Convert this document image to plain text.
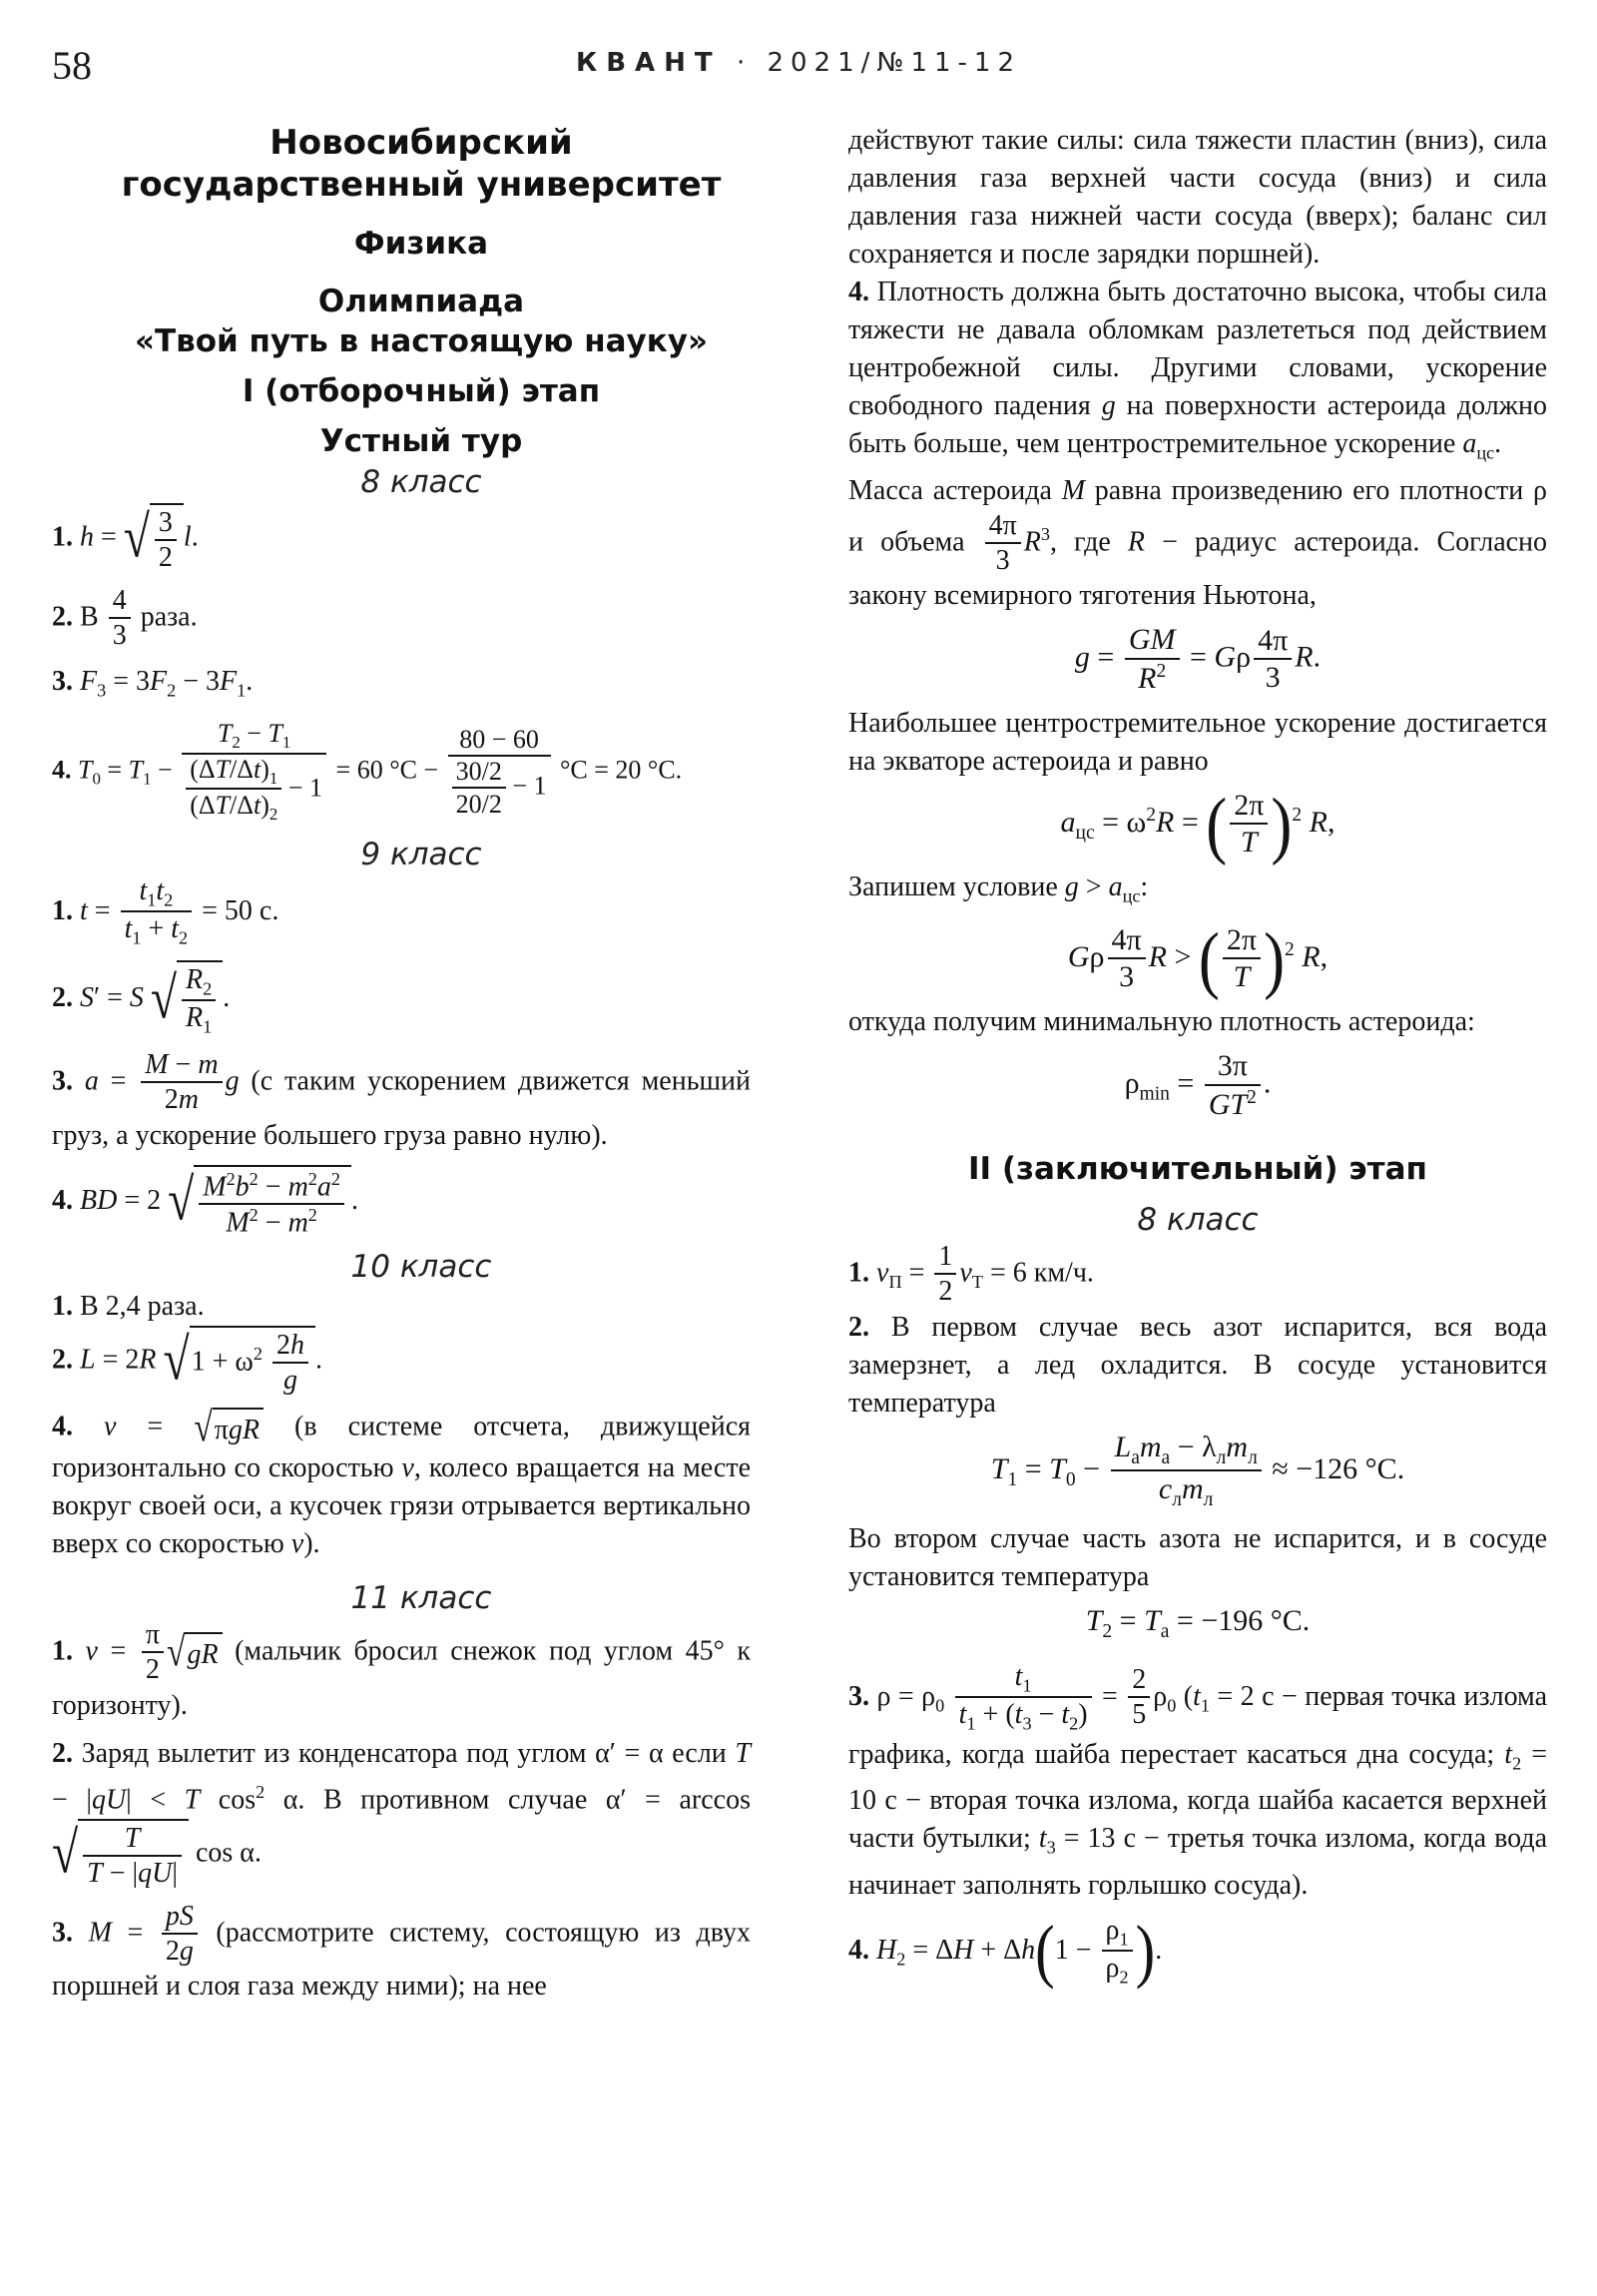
58	КВАНТ · 2021/№11-12
Новосибирский
государственный университет
Физика
Олимпиада
«Твой путь в настоящую науку»
I (отборочный) этап
Устный тур
8 класс
1. h = √ $\frac{3}{2} l$.
2. В $\frac{4}{3}$ раза.
3. $F_3 = 3F_2 - 3F_1$.
4. $T_0 = T_1 - \frac{T_2 - T_1}{\frac{(\Delta T/\Delta t)_1}{(\Delta T/\Delta t)_2} - 1} = 60$ $^\circ C - \frac{80 - 60}{\frac{30/2}{20/2} - 1} ^\circ C = 20$ °C.
9 класс
1. $t = \frac{t_1t_2}{t_1 + t_2} = 50$ с.
2. S′ = S √ $\frac{R_2}{R_1}$ .
3. $a = \frac{M - m}{2m}$ g (с таким ускорением движется меньший груз, а ускорение большего груза равно нулю).
4. BD = 2 √ $\frac{M^2b^2 - m^2a^2}{M^2 - m^2}$ .
10 класс
1. В 2,4 раза.
2. L = 2R $√1 + \omega^2 \frac{2h}{g}$ .
4. v = √πgR (в системе отсчета, движущейся горизонтально со скоростью v, колесо вращается на месте вокруг своей оси, а кусочек грязи отрывается вертикально вверх со скоростью v).
11 класс
1. $v = \frac{\pi}{2} √gR$ (мальчик бросил снежок под углом 45° к горизонту).
2. Заряд вылетит из конденсатора под углом α′ = α если T − |qU| < T $\cos^2 \alpha$. В противном случае α′ = arccos √ $\frac{T}{T - |qU|}$ cos α.
3. $M = \frac{pS}{2g}$ (рассмотрите систему, состоящую из двух поршней и слоя газа между ними); на нее

действуют такие силы: сила тяжести пластин (вниз), сила давления газа верхней части сосуда (вниз) и сила давления газа нижней части сосуда (вверх); баланс сил сохраняется и после зарядки поршней).

4. Плотность должна быть достаточно высока, чтобы сила тяжести не давала обломкам разлететься под действием центробежной силы. Другими словами, ускорение свободного падения g на поверхности астероида должно быть больше, чем центростремительное ускорение $a_{цс}$.
Масса астероида M равна произведению его плотности ρ и объема $\frac{4\pi}{3} R^3$, где R − радиус астероида. Согласно закону всемирного тяготения Ньютона,
$g = \frac{GM}{R^2} = G\rho \frac{4\pi}{3} R$.

Наибольшее центростремительное ускорение достигается на экваторе астероида и равно

$a_{цс} = \omega^2R$ = ( $\frac{2\pi}{T} )^2$ R,
Запишем условие $g > a_{цс}$:
Gρ $\frac{4\pi}{3}$ R > ( $\frac{2\pi}{T} )^2$ R,

откуда получим минимальную плотность астероида:

$\rho_{min} = \frac{3\pi}{GT^2}$ .
II (заключительный) этап
8 класс
1. $v_П = \frac{1}{2} v_Т = 6$ км/ч.
2. В первом случае весь азот испарится, вся вода замерзнет, а лед охладится. В сосуде установится температура
$T_1 = T_0 - \frac{L_аm_а - \lambda_лm_л}{c_лm_л} \approx -126$ °C.

Во втором случае часть азота не испарится, и в сосуде установится температура

$T_2 = T_а = -196$ °C.
3. $\rho = \rho_0 \frac{t_1}{t_1 + (t_3 - t_2)} = \frac{2}{5} \rho_0$ ($t_1 = 2$ с − первая точка излома графика, когда шайба перестает касаться дна сосуда; $t_2 = 10$ с − вторая точка излома, когда шайба касается верхней части бутылки; $t_3 = 13$ с − третья точка излома, когда вода начинает заполнять горлышко сосуда).
4. $H_2 = \Delta H + \Delta h(1 - \frac{\rho_1}{\rho_2}$ ).
